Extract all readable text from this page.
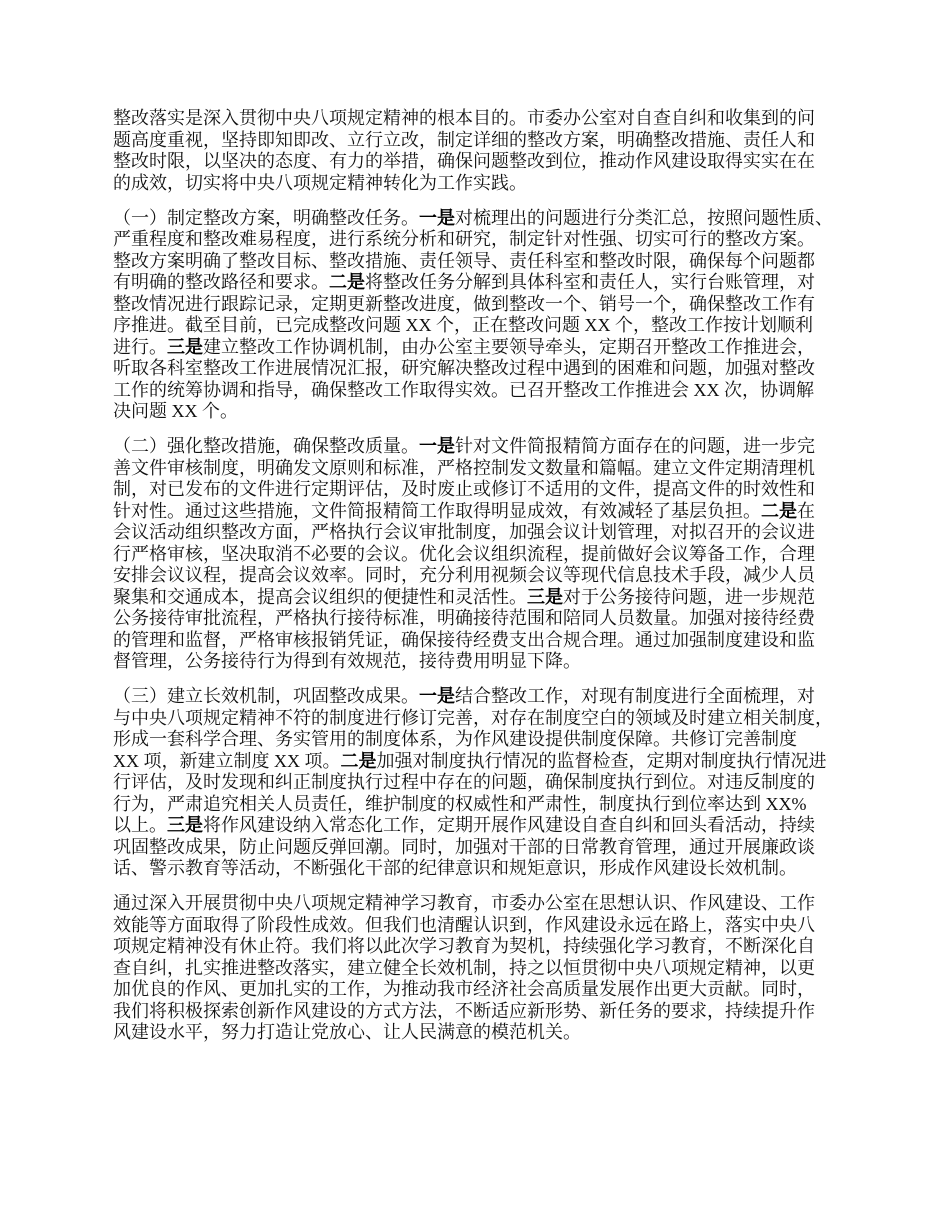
整改落实是深入贯彻中央八项规定精神的根本目的。市委办公室对自查自纠和收集到的问
题高度重视，坚持即知即改、立行立改，制定详细的整改方案，明确整改措施、责任人和
整改时限，以坚决的态度、有力的举措，确保问题整改到位，推动作风建设取得实实在在
的成效，切实将中央八项规定精神转化为工作实践。
（一）制定整改方案，明确整改任务。一是对梳理出的问题进行分类汇总，按照问题性质、
严重程度和整改难易程度，进行系统分析和研究，制定针对性强、切实可行的整改方案。
整改方案明确了整改目标、整改措施、责任领导、责任科室和整改时限，确保每个问题都
有明确的整改路径和要求。二是将整改任务分解到具体科室和责任人，实行台账管理，对
整改情况进行跟踪记录，定期更新整改进度，做到整改一个、销号一个，确保整改工作有
序推进。截至目前，已完成整改问题 XX 个，正在整改问题 XX 个，整改工作按计划顺利
进行。三是建立整改工作协调机制，由办公室主要领导牵头，定期召开整改工作推进会，
听取各科室整改工作进展情况汇报，研究解决整改过程中遇到的困难和问题，加强对整改
工作的统筹协调和指导，确保整改工作取得实效。已召开整改工作推进会 XX 次，协调解
决问题 XX 个。
（二）强化整改措施，确保整改质量。一是针对文件简报精简方面存在的问题，进一步完
善文件审核制度，明确发文原则和标准，严格控制发文数量和篇幅。建立文件定期清理机
制，对已发布的文件进行定期评估，及时废止或修订不适用的文件，提高文件的时效性和
针对性。通过这些措施，文件简报精简工作取得明显成效，有效减轻了基层负担。二是在
会议活动组织整改方面，严格执行会议审批制度，加强会议计划管理，对拟召开的会议进
行严格审核，坚决取消不必要的会议。优化会议组织流程，提前做好会议筹备工作，合理
安排会议议程，提高会议效率。同时，充分利用视频会议等现代信息技术手段，减少人员
聚集和交通成本，提高会议组织的便捷性和灵活性。三是对于公务接待问题，进一步规范
公务接待审批流程，严格执行接待标准，明确接待范围和陪同人员数量。加强对接待经费
的管理和监督，严格审核报销凭证，确保接待经费支出合规合理。通过加强制度建设和监
督管理，公务接待行为得到有效规范，接待费用明显下降。
（三）建立长效机制，巩固整改成果。一是结合整改工作，对现有制度进行全面梳理，对
与中央八项规定精神不符的制度进行修订完善，对存在制度空白的领域及时建立相关制度，
形成一套科学合理、务实管用的制度体系，为作风建设提供制度保障。共修订完善制度
XX 项，新建立制度 XX 项。二是加强对制度执行情况的监督检查，定期对制度执行情况进
行评估，及时发现和纠正制度执行过程中存在的问题，确保制度执行到位。对违反制度的
行为，严肃追究相关人员责任，维护制度的权威性和严肃性，制度执行到位率达到 XX%
以上。三是将作风建设纳入常态化工作，定期开展作风建设自查自纠和回头看活动，持续
巩固整改成果，防止问题反弹回潮。同时，加强对干部的日常教育管理，通过开展廉政谈
话、警示教育等活动，不断强化干部的纪律意识和规矩意识，形成作风建设长效机制。
通过深入开展贯彻中央八项规定精神学习教育，市委办公室在思想认识、作风建设、工作
效能等方面取得了阶段性成效。但我们也清醒认识到，作风建设永远在路上，落实中央八
项规定精神没有休止符。我们将以此次学习教育为契机，持续强化学习教育，不断深化自
查自纠，扎实推进整改落实，建立健全长效机制，持之以恒贯彻中央八项规定精神，以更
加优良的作风、更加扎实的工作，为推动我市经济社会高质量发展作出更大贡献。同时，
我们将积极探索创新作风建设的方式方法，不断适应新形势、新任务的要求，持续提升作
风建设水平，努力打造让党放心、让人民满意的模范机关。
